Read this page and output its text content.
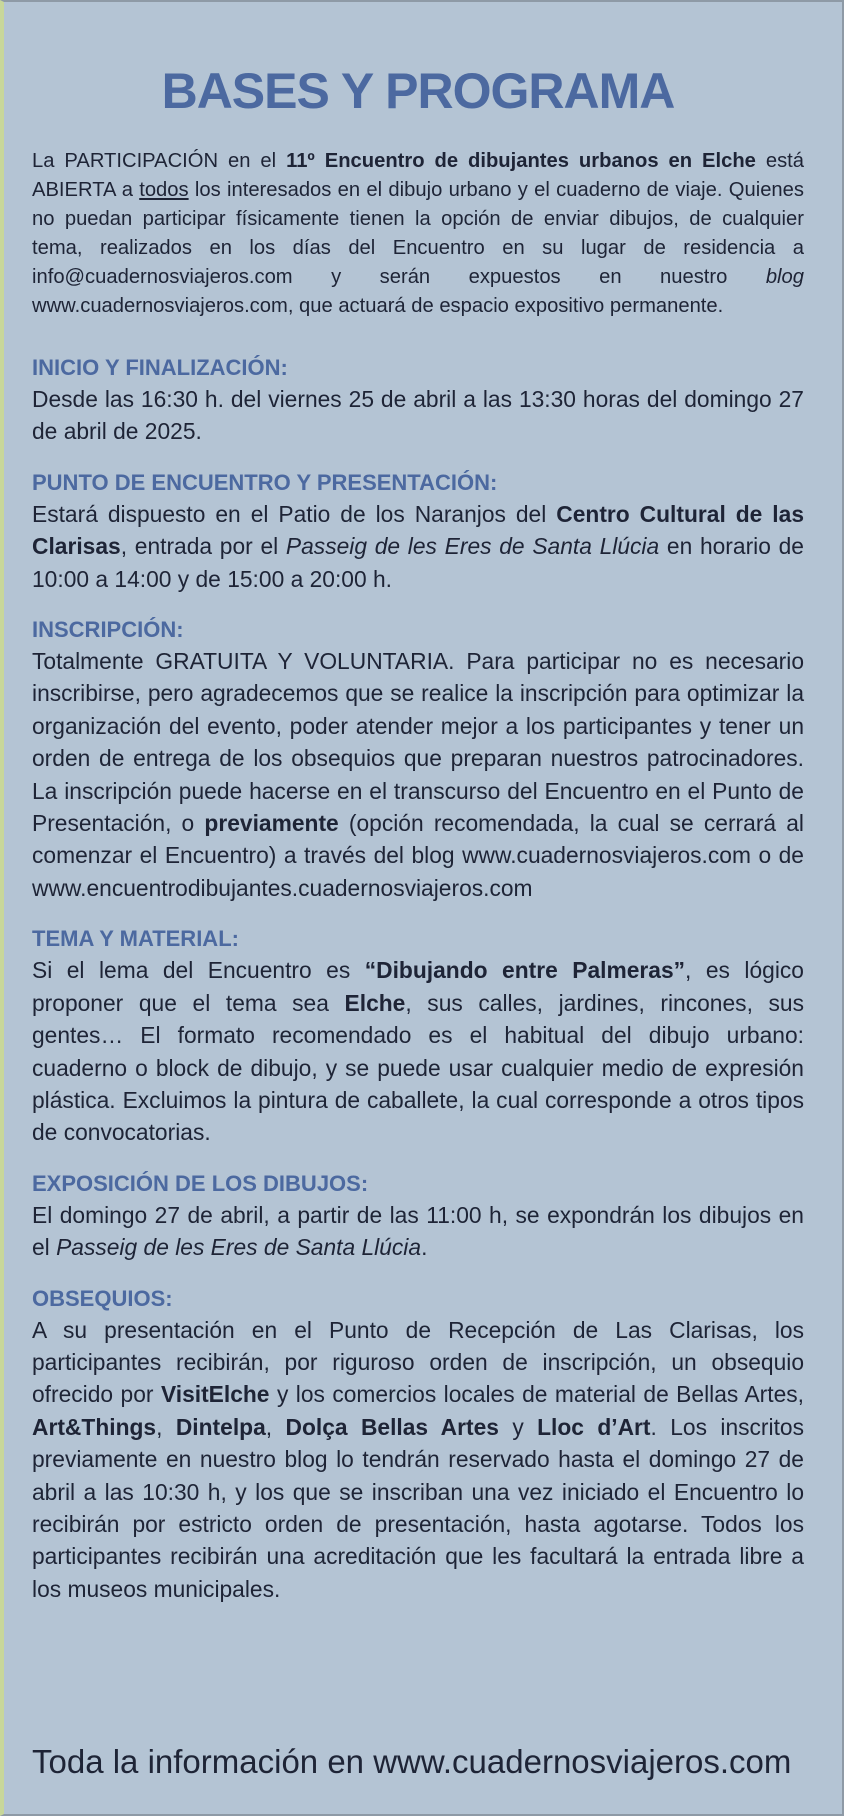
BASES Y PROGRAMA

La PARTICIPACIÓN en el 11º Encuentro de dibujantes urbanos en Elche está ABIERTA a todos los interesados en el dibujo urbano y el cuaderno de viaje. Quienes no puedan participar físicamente tienen la opción de enviar dibujos, de cualquier tema, realizados en los días del Encuentro en su lugar de residencia a info@cuadernosviajeros.com y serán expuestos en nuestro blog www.cuadernosviajeros.com, que actuará de espacio expositivo permanente.

INICIO Y FINALIZACIÓN:

Desde las 16:30 h. del viernes 25 de abril a las 13:30 horas del domingo 27 de abril de 2025.

PUNTO DE ENCUENTRO Y PRESENTACIÓN:

Estará dispuesto en el Patio de los Naranjos del Centro Cultural de las Clarisas, entrada por el Passeig de les Eres de Santa Llúcia en horario de 10:00 a 14:00 y de 15:00 a 20:00 h.

INSCRIPCIÓN:

Totalmente GRATUITA Y VOLUNTARIA. Para participar no es necesario inscribirse, pero agradecemos que se realice la inscripción para optimizar la organización del evento, poder atender mejor a los participantes y tener un orden de entrega de los obsequios que preparan nuestros patrocinadores. La inscripción puede hacerse en el transcurso del Encuentro en el Punto de Presentación, o previamente (opción recomendada, la cual se cerrará al comenzar el Encuentro) a través del blog www.cuadernosviajeros.com o de www.encuentrodibujantes.cuadernosviajeros.com

TEMA Y MATERIAL:

Si el lema del Encuentro es “Dibujando entre Palmeras”, es lógico proponer que el tema sea Elche, sus calles, jardines, rincones, sus gentes… El formato recomendado es el habitual del dibujo urbano: cuaderno o block de dibujo, y se puede usar cualquier medio de expresión plástica. Excluimos la pintura de caballete, la cual corresponde a otros tipos de convocatorias.

EXPOSICIÓN DE LOS DIBUJOS:

El domingo 27 de abril, a partir de las 11:00 h, se expondrán los dibujos en el Passeig de les Eres de Santa Llúcia.

OBSEQUIOS:

A su presentación en el Punto de Recepción de Las Clarisas, los participantes recibirán, por riguroso orden de inscripción, un obsequio ofrecido por VisitElche y los comercios locales de material de Bellas Artes, Art&Things, Dintelpa, Dolça Bellas Artes y Lloc d’Art. Los inscritos previamente en nuestro blog lo tendrán reservado hasta el domingo 27 de abril a las 10:30 h, y los que se inscriban una vez iniciado el Encuentro lo recibirán por estricto orden de presentación, hasta agotarse. Todos los participantes recibirán una acreditación que les facultará la entrada libre a los museos municipales.

Toda la información en www.cuadernosviajeros.com
